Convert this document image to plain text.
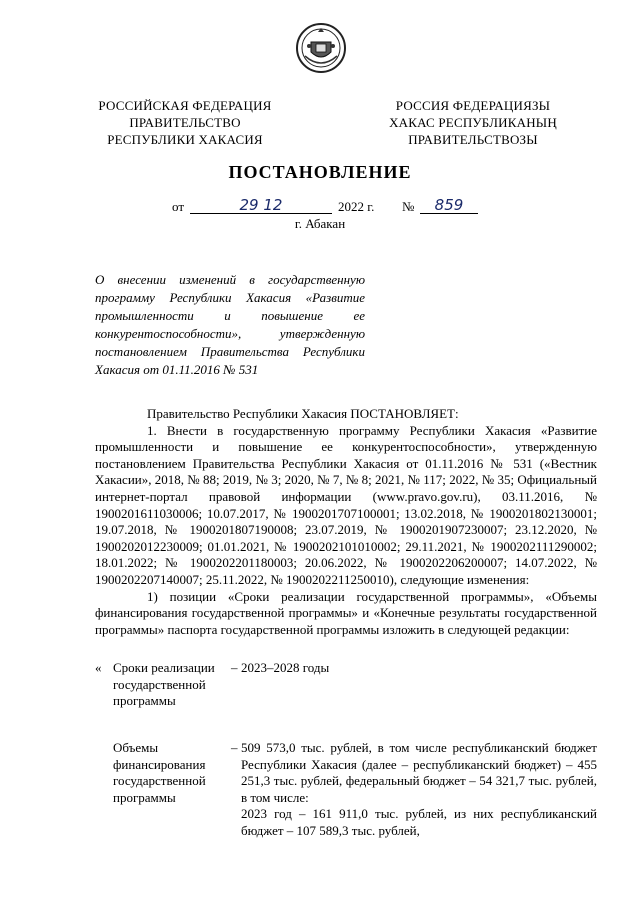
РОССИЙСКАЯ ФЕДЕРАЦИЯ
ПРАВИТЕЛЬСТВО
РЕСПУБЛИКИ ХАКАСИЯ
РОССИЯ ФЕДЕРАЦИЯЗЫ
ХАКАС РЕСПУБЛИКАНЫҢ
ПРАВИТЕЛЬСТВОЗЫ
ПОСТАНОВЛЕНИЕ
от	29 12	2022 г. №	859
г. Абакан
О внесении изменений в государственную программу Республики Хакасия «Развитие промышленности и повышение ее конкурентоспособности», утвержденную постановлением Правительства Республики Хакасия от 01.11.2016 № 531

Правительство Республики Хакасия ПОСТАНОВЛЯЕТ:

1. Внести в государственную программу Республики Хакасия «Развитие промышленности и повышение ее конкурентоспособности», утвержденную постановлением Правительства Республики Хакасия от 01.11.2016 № 531 («Вестник Хакасии», 2018, № 88; 2019, № 3; 2020, № 7, № 8; 2021, № 117; 2022, № 35; Официальный интернет-портал правовой информации (www.pravo.gov.ru), 03.11.2016, № 1900201611030006; 10.07.2017, № 1900201707100001; 13.02.2018, № 1900201802130001; 19.07.2018, № 1900201807190008; 23.07.2019, № 1900201907230007; 23.12.2020, № 1900202012230009; 01.01.2021, № 1900202101010002; 29.11.2021, № 1900202111290002; 18.01.2022; № 1900202201180003; 20.06.2022, № 1900202206200007; 14.07.2022, № 1900202207140007; 25.11.2022, № 1900202211250010), следующие изменения:

1) позиции «Сроки реализации государственной программы», «Объемы финансирования государственной программы» и «Конечные результаты государственной программы» паспорта государственной программы изложить в следующей редакции:

« Сроки реализации государственной программы
– 2023–2028 годы
Объемы финансирования государственной программы
– 509 573,0 тыс. рублей, в том числе республиканский бюджет Республики Хакасия (далее – республиканский бюджет) – 455 251,3 тыс. рублей, федеральный бюджет – 54 321,7 тыс. рублей, в том числе:
2023 год – 161 911,0 тыс. рублей, из них республиканский бюджет – 107 589,3 тыс. рублей,
